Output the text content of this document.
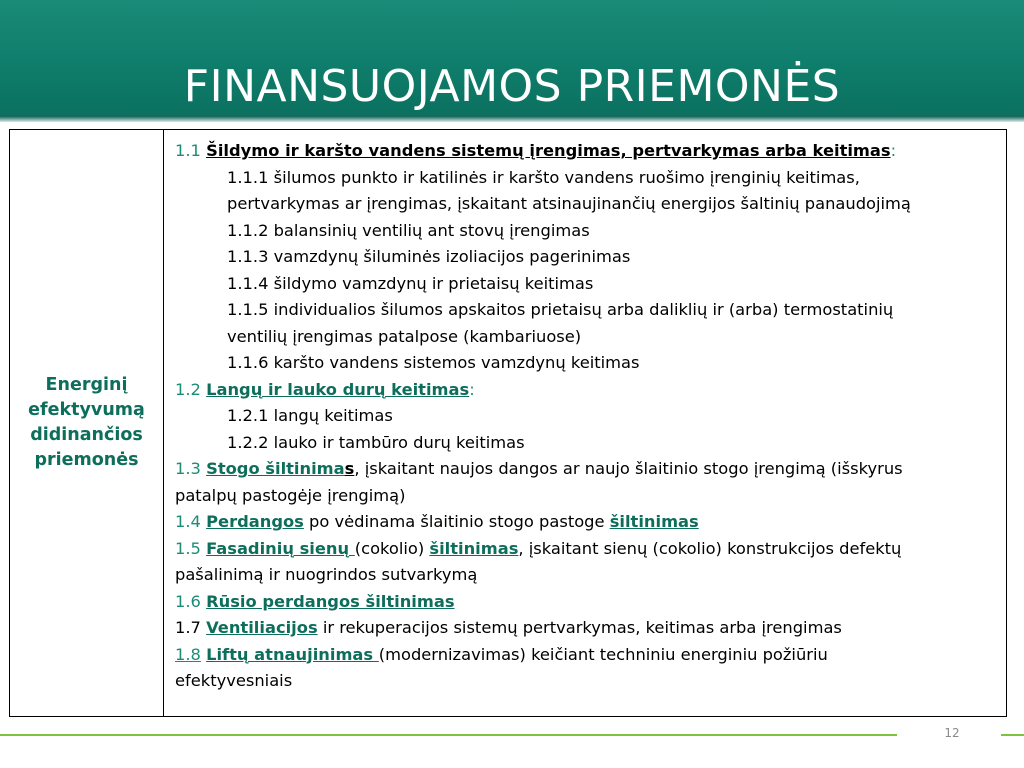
FINANSUOJAMOS PRIEMONĖS
Energinį
efektyvumą
didinančios
priemonės
1.1 Šildymo ir karšto vandens sistemų įrengimas, pertvarkymas arba keitimas:
1.1.1 šilumos punkto ir katilinės ir karšto vandens ruošimo įrenginių keitimas,
pertvarkymas ar įrengimas, įskaitant atsinaujinančių energijos šaltinių panaudojimą
1.1.2 balansinių ventilių ant stovų įrengimas
1.1.3 vamzdynų šiluminės izoliacijos pagerinimas
1.1.4 šildymo vamzdynų ir prietaisų keitimas
1.1.5 individualios šilumos apskaitos prietaisų arba daliklių ir (arba) termostatinių
ventilių įrengimas patalpose (kambariuose)
1.1.6 karšto vandens sistemos vamzdynų keitimas
1.2 Langų ir lauko durų keitimas:
1.2.1 langų keitimas
1.2.2 lauko ir tambūro durų keitimas
1.3 Stogo šiltinimas, įskaitant naujos dangos ar naujo šlaitinio stogo įrengimą (išskyrus
patalpų pastogėje įrengimą)
1.4 Perdangos po vėdinama šlaitinio stogo pastoge šiltinimas
1.5 Fasadinių sienų (cokolio) šiltinimas, įskaitant sienų (cokolio) konstrukcijos defektų
pašalinimą ir nuogrindos sutvarkymą
1.6 Rūsio perdangos šiltinimas
1.7 Ventiliacijos ir rekuperacijos sistemų pertvarkymas, keitimas arba įrengimas
1.8 Liftų atnaujinimas (modernizavimas) keičiant techniniu energiniu požiūriu
efektyvesniais
12
